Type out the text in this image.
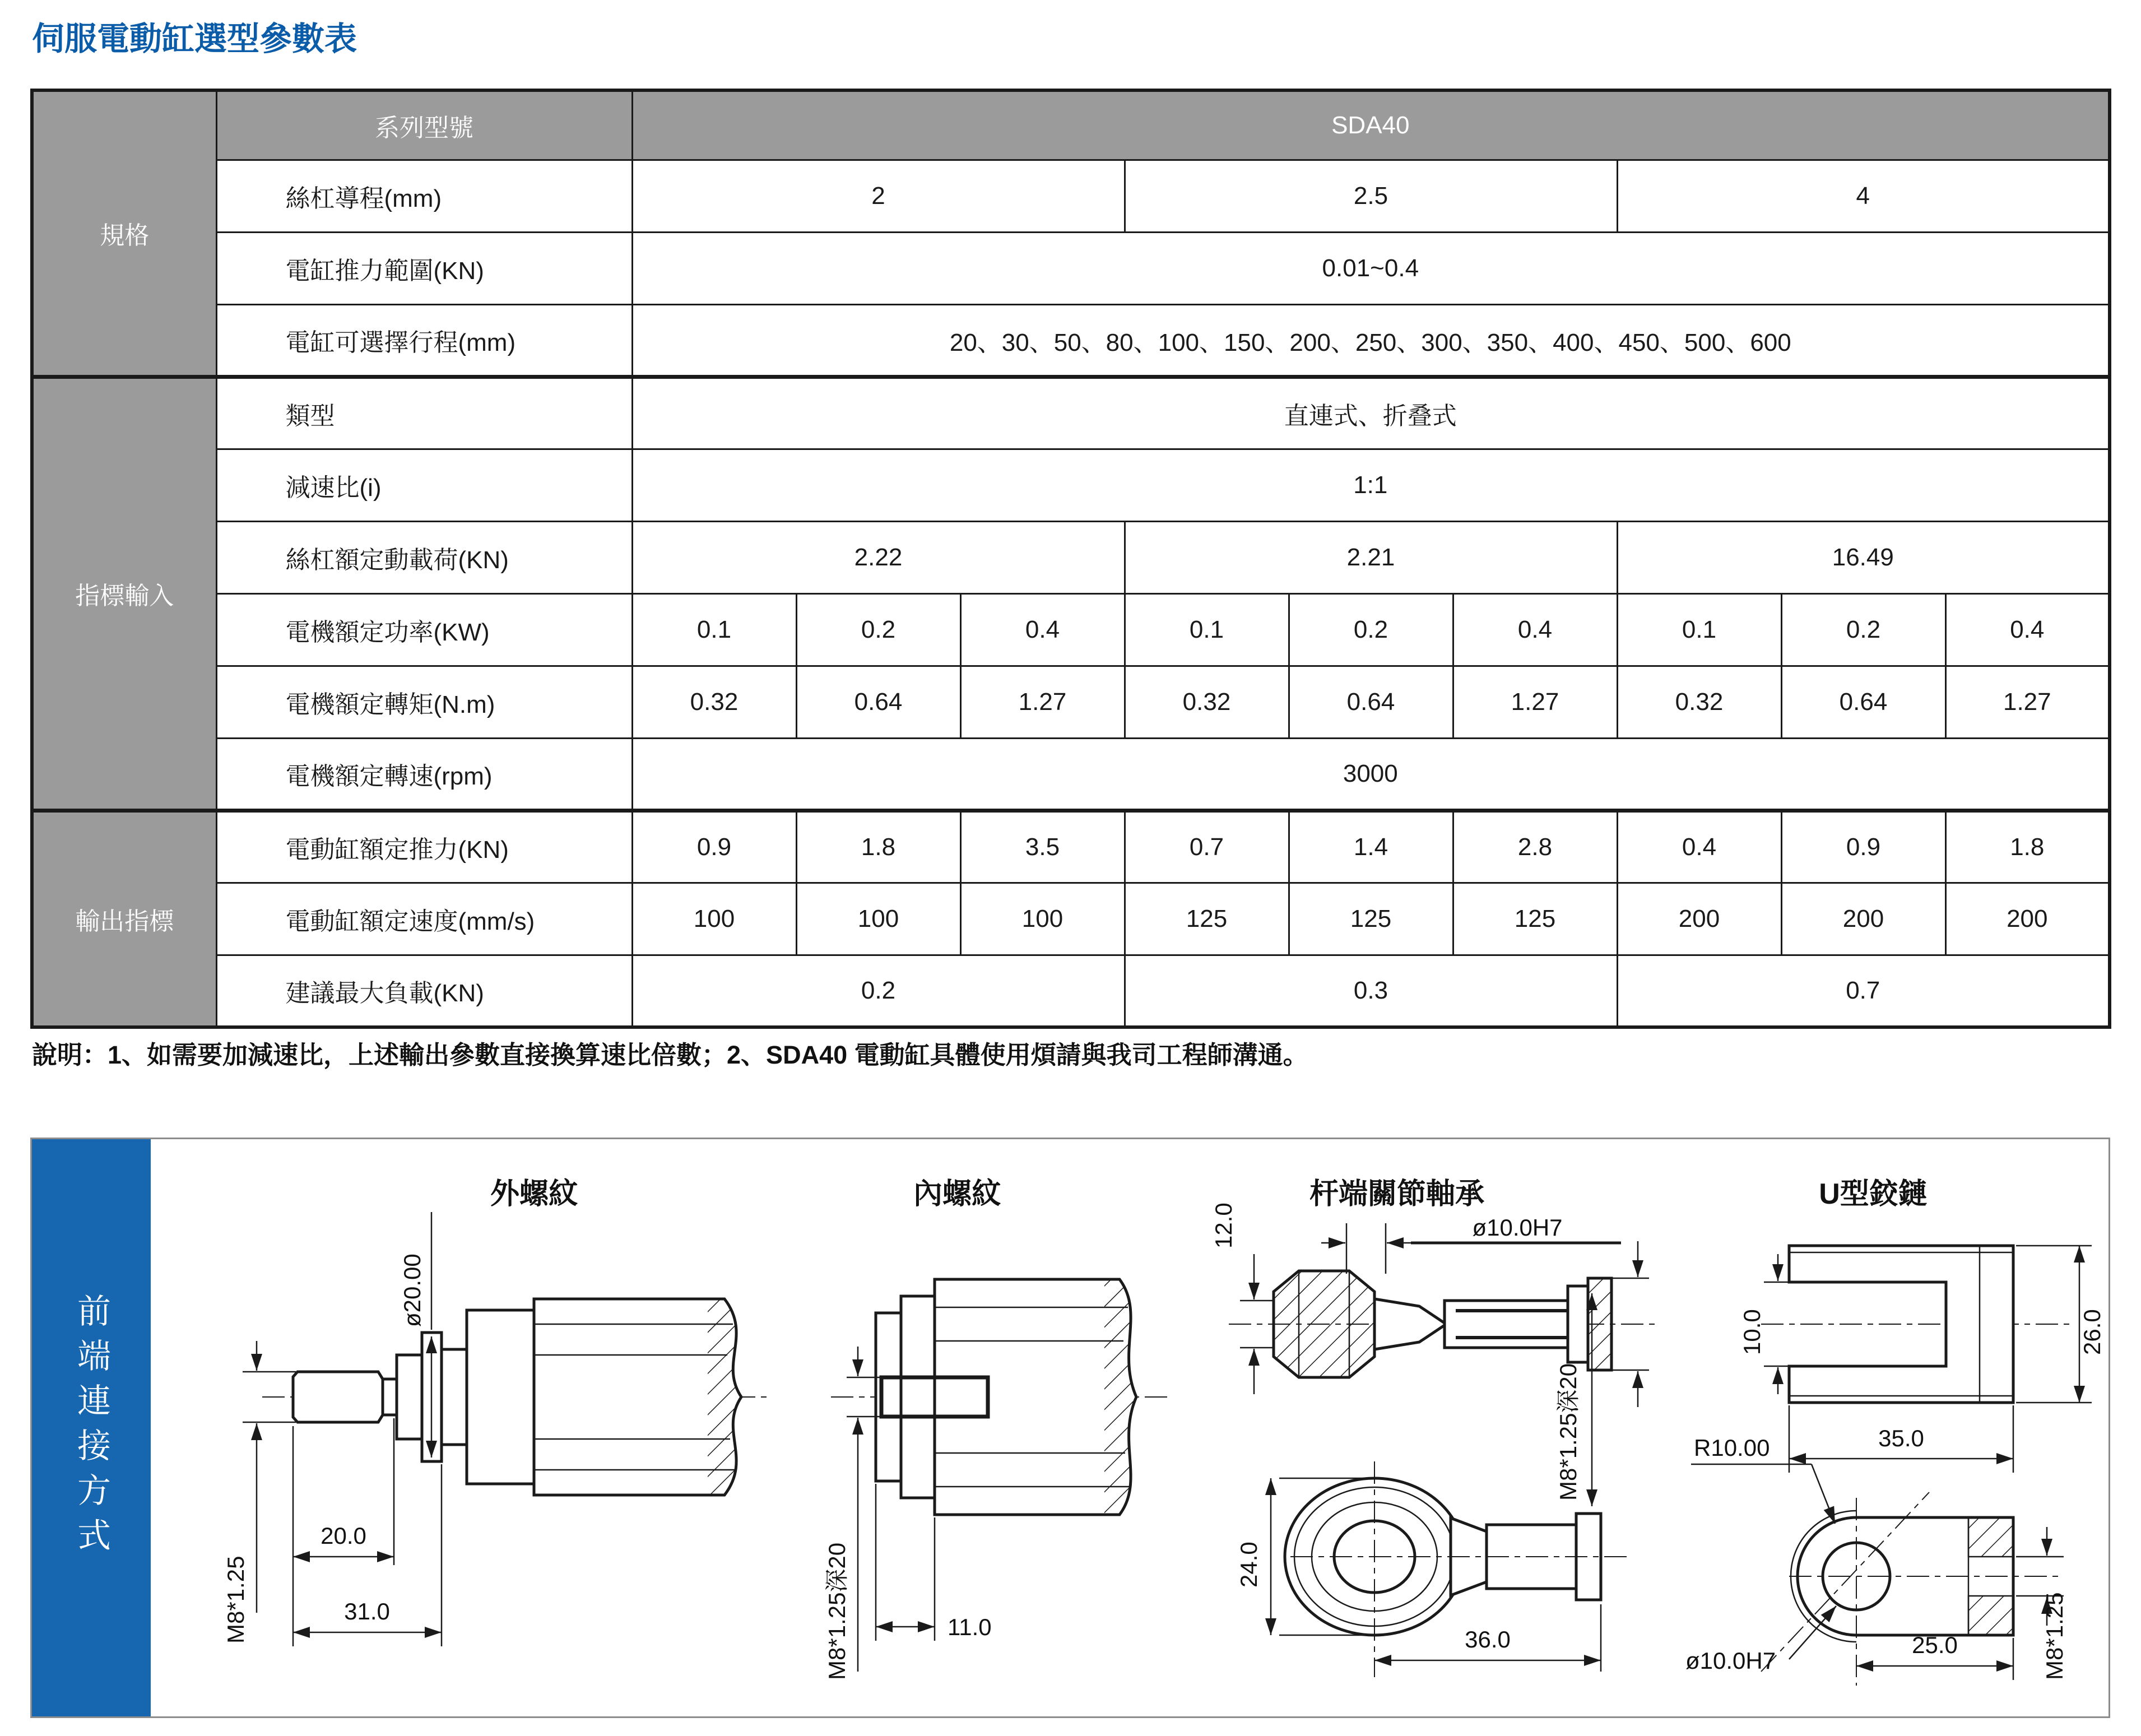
伺服電動缸選型參數表
規格	系列型號	SDA40								
	絲杠導程(mm)	2			2.5			4		
	電缸推力範圍(KN)	0.01~0.4								
	電缸可選擇行程(mm)	20、30、50、80、100、150、200、250、300、350、400、450、500、600								
指標輸入	類型	直連式、折叠式								
	減速比(i)	1:1								
	絲杠額定動載荷(KN)	2.22			2.21			16.49		
	電機額定功率(KW)	0.1	0.2	0.4	0.1	0.2	0.4	0.1	0.2	0.4
	電機額定轉矩(N.m)	0.32	0.64	1.27	0.32	0.64	1.27	0.32	0.64	1.27
	電機額定轉速(rpm)	3000								
輸出指標	電動缸額定推力(KN)	0.9	1.8	3.5	0.7	1.4	2.8	0.4	0.9	1.8
	電動缸額定速度(mm/s)	100	100	100	125	125	125	200	200	200
	建議最大負載(KN)	0.2			0.3			0.7		
說明：1、如需要加減速比，上述輸出參數直接換算速比倍數；2、SDA40 電動缸具體使用煩請與我司工程師溝通。
前端連接方式
外螺紋
ø20.00
M8*1.25
20.0
31.0
內螺紋
M8*1.25深20	11.0
杆端關節軸承
12.0	ø10.0H7
M8*1.25深20
24.0
36.0
U型鉸鏈
10.0	26.0
35.0
R10.00
ø10.0H7
25.0	M8*1.25
